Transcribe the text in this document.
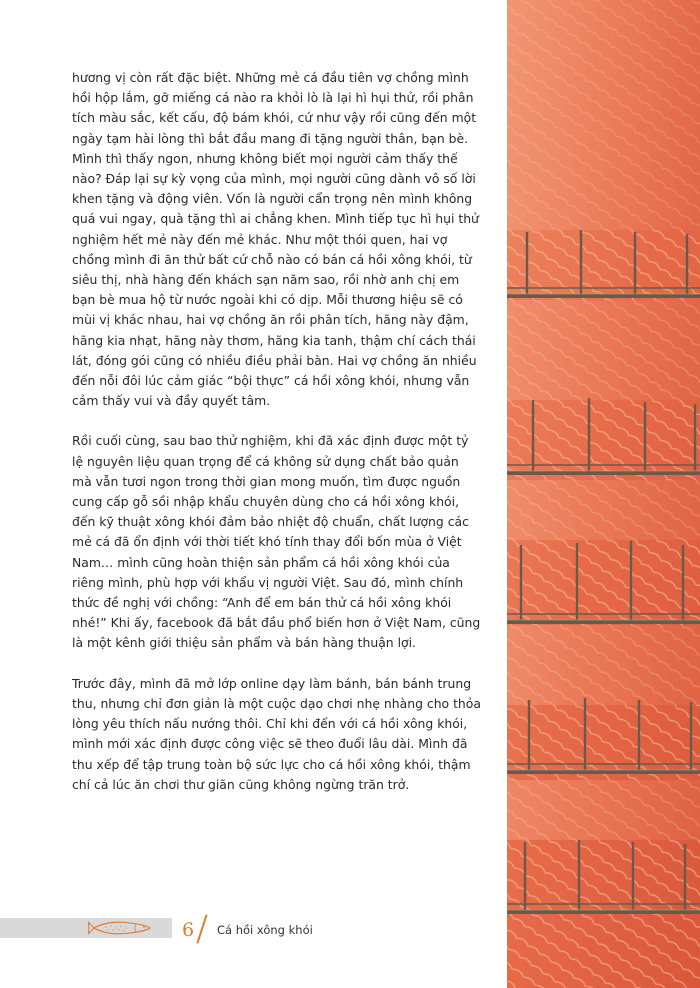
hương vị còn rất đặc biệt. Những mẻ cá đầu tiên vợ chồng mình hồi hộp lắm, gỡ miếng cá nào ra khỏi lò là lại hì hụi thử, rồi phân tích màu sắc, kết cấu, độ bám khói, cứ như vậy rồi cũng đến một ngày tạm hài lòng thì bắt đầu mang đi tặng người thân, bạn bè. Mình thì thấy ngon, nhưng không biết mọi người cảm thấy thế nào? Đáp lại sự kỳ vọng của mình, mọi người cũng dành vô số lời khen tặng và động viên. Vốn là người cẩn trọng nên mình không quá vui ngay, quà tặng thì ai chẳng khen. Mình tiếp tục hì hụi thử nghiệm hết mẻ này đến mẻ khác. Như một thói quen, hai vợ chồng mình đi ăn thử bất cứ chỗ nào có bán cá hồi xông khói, từ siêu thị, nhà hàng đến khách sạn năm sao, rồi nhờ anh chị em bạn bè mua hộ từ nước ngoài khi có dịp. Mỗi thương hiệu sẽ có mùi vị khác nhau, hai vợ chồng ăn rồi phân tích, hãng này đậm, hãng kia nhạt, hãng này thơm, hãng kia tanh, thậm chí cách thái lát, đóng gói cũng có nhiều điều phải bàn. Hai vợ chồng ăn nhiều đến nỗi đôi lúc cảm giác “bội thực” cá hồi xông khói, nhưng vẫn cảm thấy vui và đầy quyết tâm.

Rồi cuối cùng, sau bao thử nghiệm, khi đã xác định được một tỷ lệ nguyên liệu quan trọng để cá không sử dụng chất bảo quản mà vẫn tươi ngon trong thời gian mong muốn, tìm được nguồn cung cấp gỗ sồi nhập khẩu chuyên dùng cho cá hồi xông khói, đến kỹ thuật xông khói đảm bảo nhiệt độ chuẩn, chất lượng các mẻ cá đã ổn định với thời tiết khó tính thay đổi bốn mùa ở Việt Nam… mình cũng hoàn thiện sản phẩm cá hồi xông khói của riêng mình, phù hợp với khẩu vị người Việt. Sau đó, mình chính thức đề nghị với chồng: “Anh để em bán thử cá hồi xông khói nhé!” Khi ấy, facebook đã bắt đầu phổ biến hơn ở Việt Nam, cũng là một kênh giới thiệu sản phẩm và bán hàng thuận lợi.

Trước đây, mình đã mở lớp online dạy làm bánh, bán bánh trung thu, nhưng chỉ đơn giản là một cuộc dạo chơi nhẹ nhàng cho thỏa lòng yêu thích nấu nướng thôi. Chỉ khi đến với cá hồi xông khói, mình mới xác định được công việc sẽ theo đuổi lâu dài. Mình đã thu xếp để tập trung toàn bộ sức lực cho cá hồi xông khói, thậm chí cả lúc ăn chơi thư giãn cũng không ngừng trăn trở.

6 Cá hồi xông khói
